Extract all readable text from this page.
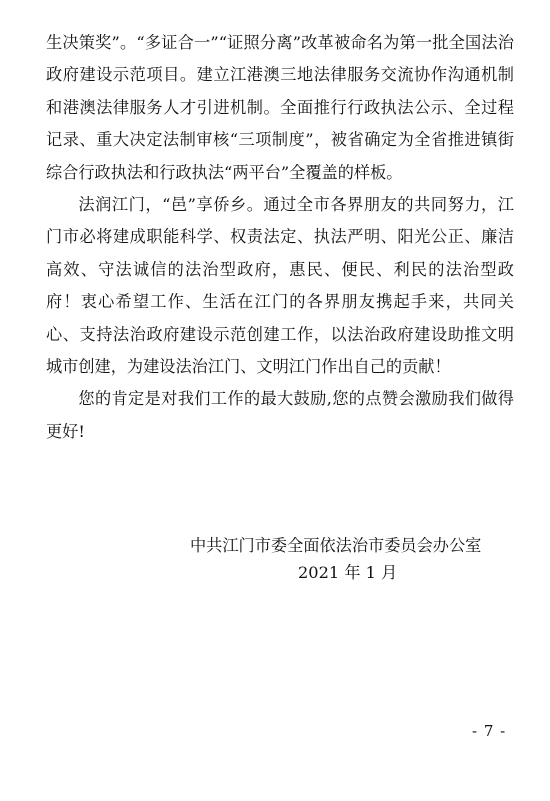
生决策奖”。“多证合一”“证照分离”改革被命名为第一批全国法治政府建设示范项目。建立江港澳三地法律服务交流协作沟通机制和港澳法律服务人才引进机制。全面推行行政执法公示、全过程记录、重大决定法制审核“三项制度”，被省确定为全省推进镇街综合行政执法和行政执法“两平台”全覆盖的样板。

法润江门，“邑”享侨乡。通过全市各界朋友的共同努力，江门市必将建成职能科学、权责法定、执法严明、阳光公正、廉洁高效、守法诚信的法治型政府，惠民、便民、利民的法治型政府！衷心希望工作、生活在江门的各界朋友携起手来，共同关心、支持法治政府建设示范创建工作，以法治政府建设助推文明城市创建，为建设法治江门、文明江门作出自己的贡献！

您的肯定是对我们工作的最大鼓励,您的点赞会激励我们做得更好!

中共江门市委全面依法治市委员会办公室
2021 年 1 月
- 7 -
